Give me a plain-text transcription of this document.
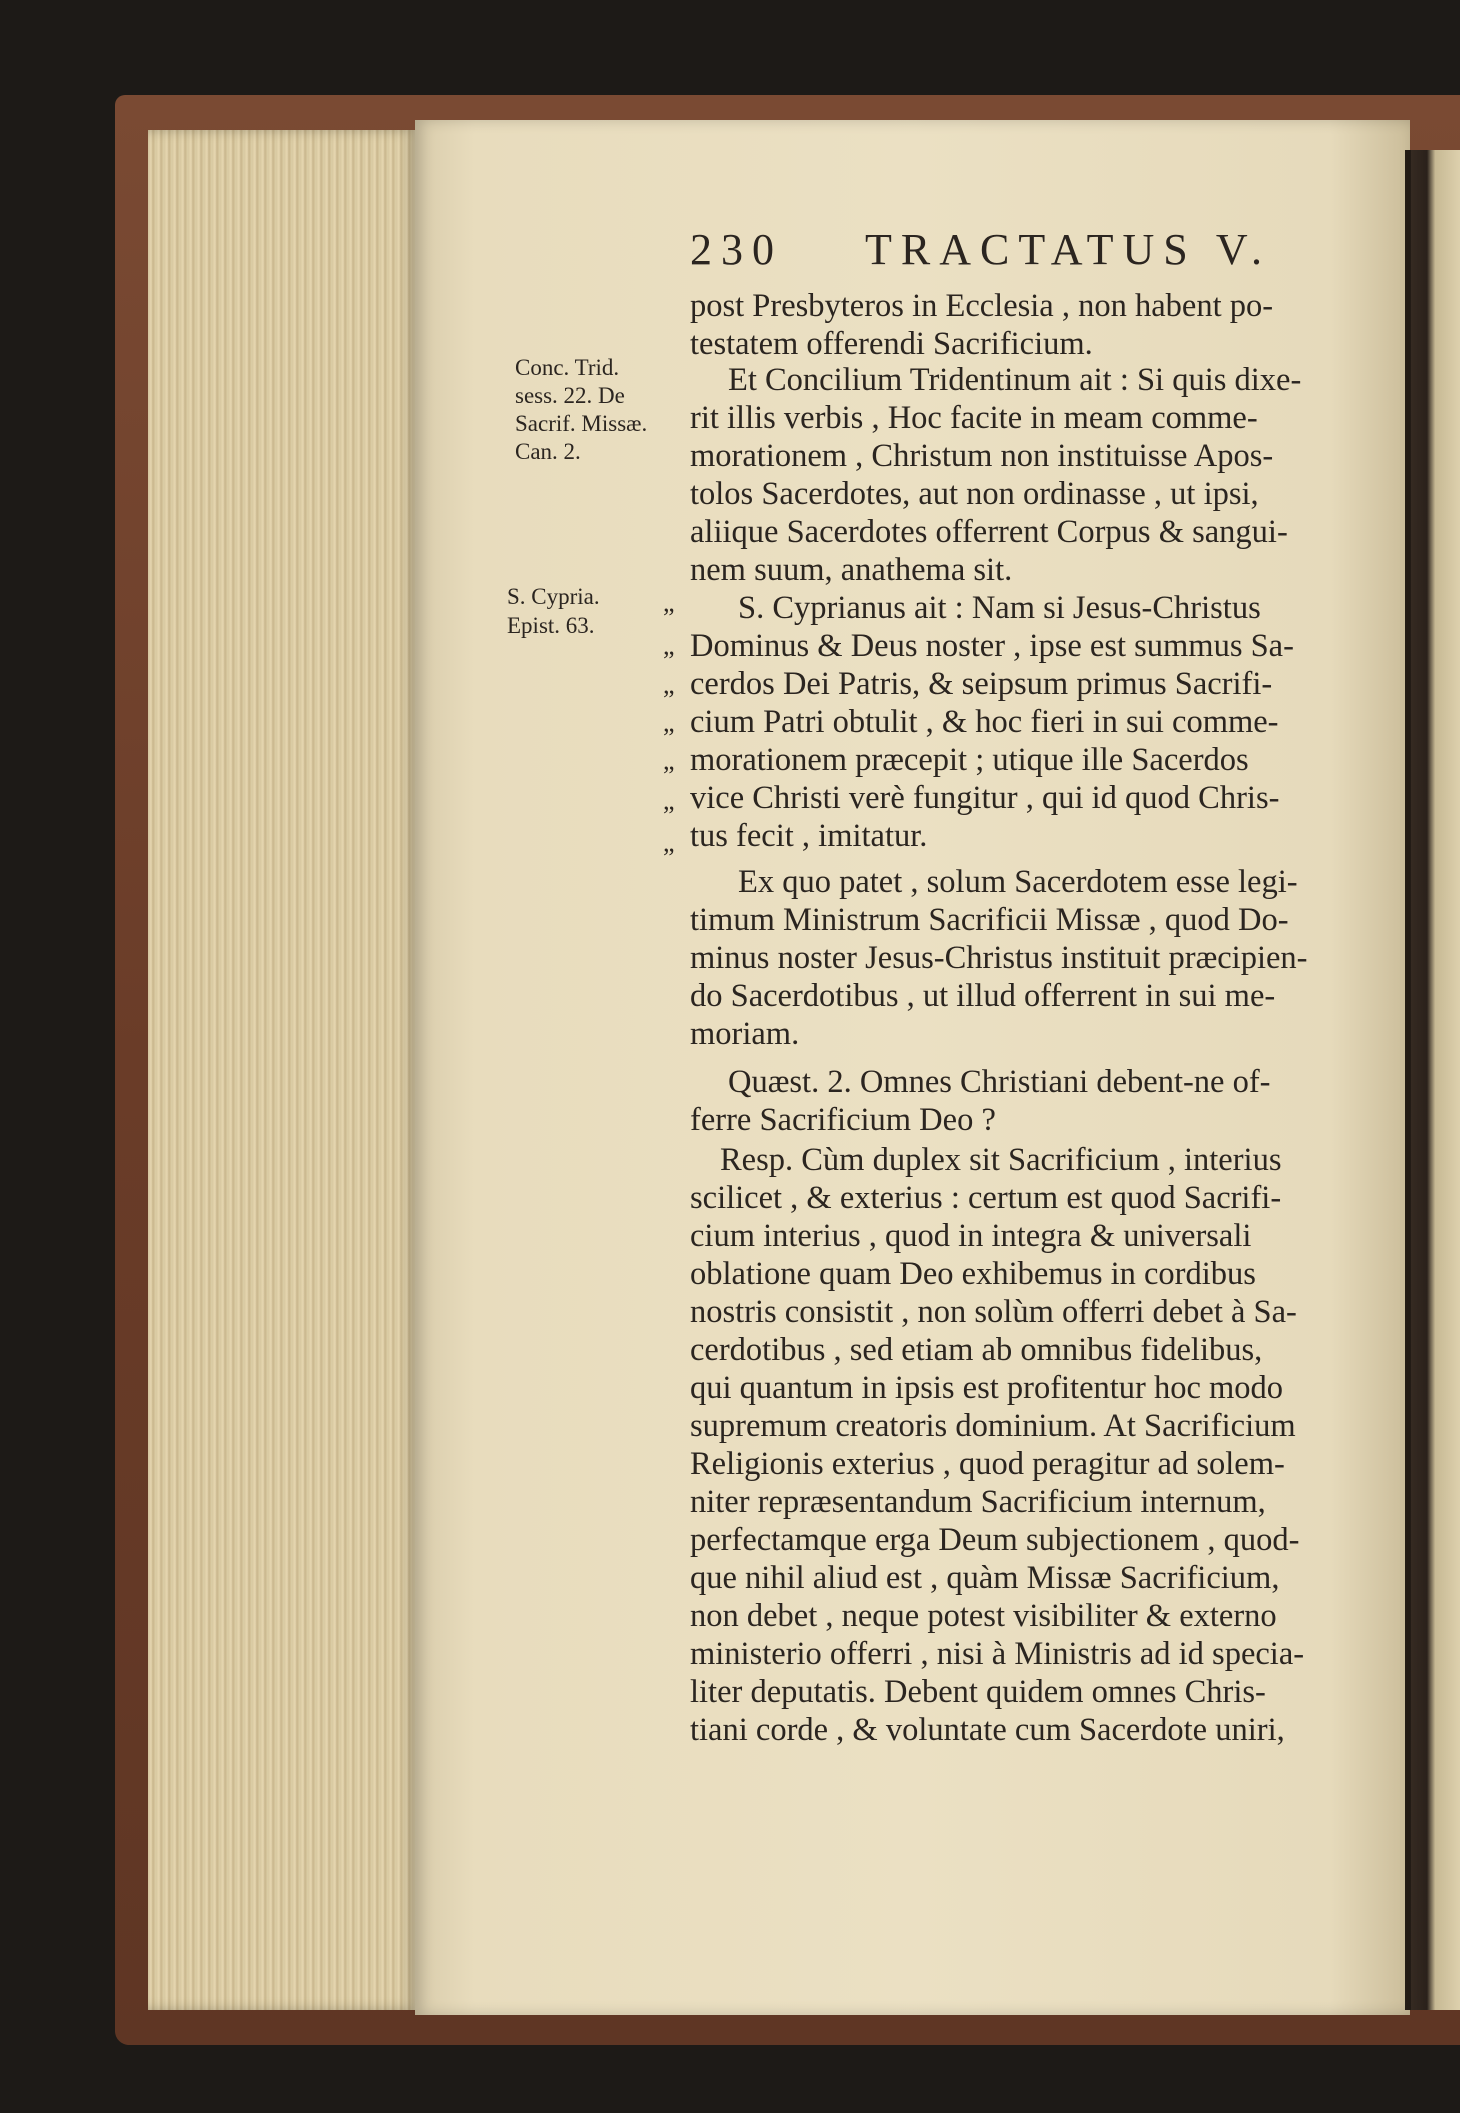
230 TRACTATUS V.
Conc. Trid.
sess. 22. De
Sacrif. Missæ.
Can. 2.
S. Cypria.
Epist. 63.
„
„
„
„
„
„
„
post Presbyteros in Ecclesia , non habent po-
testatem offerendi Sacrificium.
Et Concilium Tridentinum ait : Si quis dixe-
rit illis verbis , Hoc facite in meam comme-
morationem , Christum non instituisse Apos-
tolos Sacerdotes, aut non ordinasse , ut ipsi,
aliique Sacerdotes offerrent Corpus & sangui-
nem suum, anathema sit.
S. Cyprianus ait : Nam si Jesus-Christus
Dominus & Deus noster , ipse est summus Sa-
cerdos Dei Patris, & seipsum primus Sacrifi-
cium Patri obtulit , & hoc fieri in sui comme-
morationem præcepit ; utique ille Sacerdos
vice Christi verè fungitur , qui id quod Chris-
tus fecit , imitatur.
Ex quo patet , solum Sacerdotem esse legi-
timum Ministrum Sacrificii Missæ , quod Do-
minus noster Jesus-Christus instituit præcipien-
do Sacerdotibus , ut illud offerrent in sui me-
moriam.
Quæst. 2. Omnes Christiani debent-ne of-
ferre Sacrificium Deo ?
Resp. Cùm duplex sit Sacrificium , interius
scilicet , & exterius : certum est quod Sacrifi-
cium interius , quod in integra & universali
oblatione quam Deo exhibemus in cordibus
nostris consistit , non solùm offerri debet à Sa-
cerdotibus , sed etiam ab omnibus fidelibus,
qui quantum in ipsis est profitentur hoc modo
supremum creatoris dominium. At Sacrificium
Religionis exterius , quod peragitur ad solem-
niter repræsentandum Sacrificium internum,
perfectamque erga Deum subjectionem , quod-
que nihil aliud est , quàm Missæ Sacrificium,
non debet , neque potest visibiliter & externo
ministerio offerri , nisi à Ministris ad id specia-
liter deputatis. Debent quidem omnes Chris-
tiani corde , & voluntate cum Sacerdote uniri,
